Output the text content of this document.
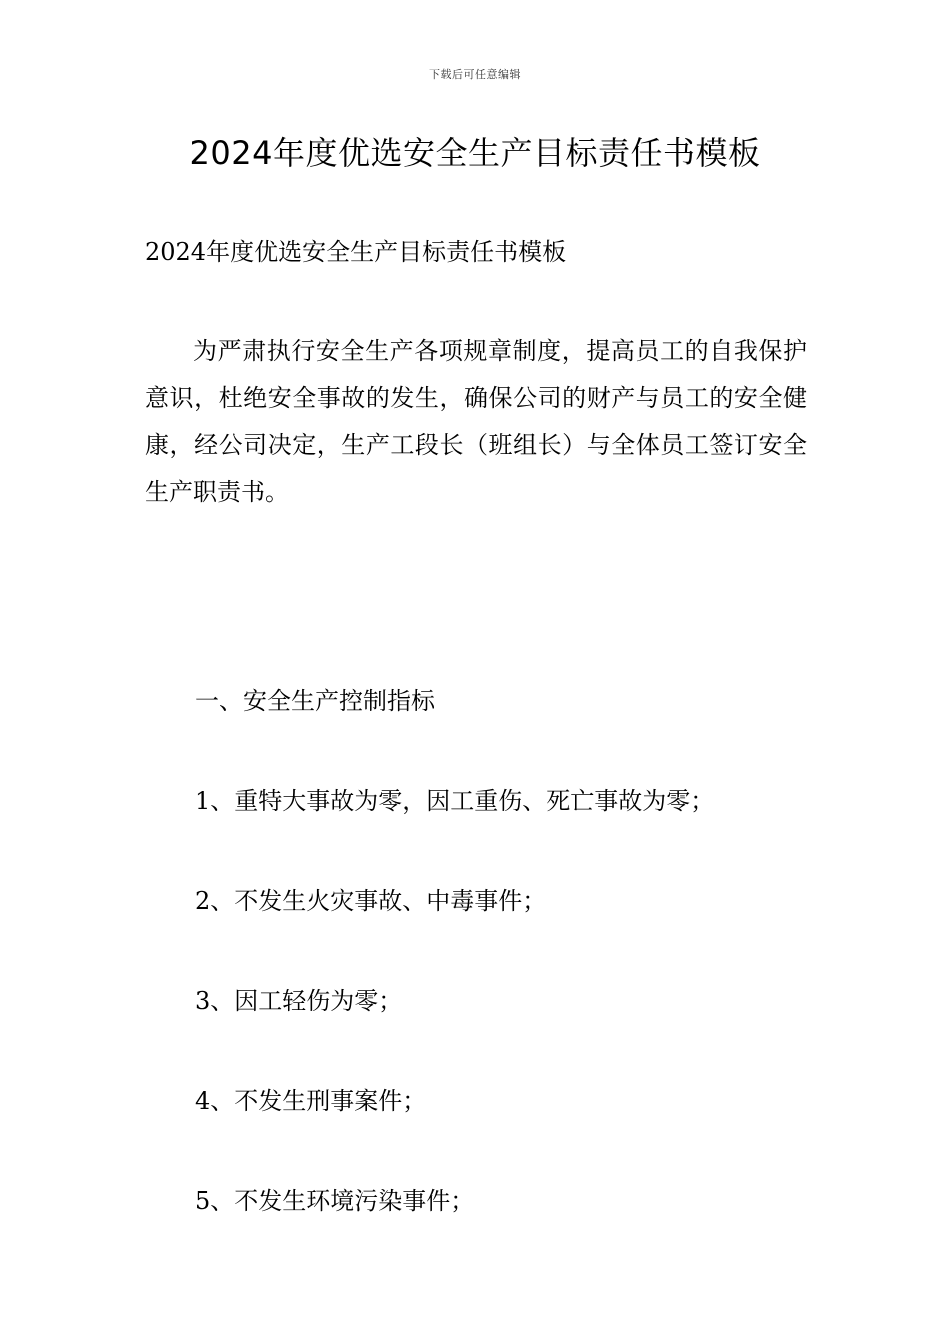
下载后可任意编辑
2024年度优选安全生产目标责任书模板
2024年度优选安全生产目标责任书模板

为严肃执行安全生产各项规章制度，提高员工的自我保护意识，杜绝安全事故的发生，确保公司的财产与员工的安全健康，经公司决定，生产工段长（班组长）与全体员工签订安全生产职责书。

一、安全生产控制指标
1、重特大事故为零，因工重伤、死亡事故为零；
2、不发生火灾事故、中毒事件；
3、因工轻伤为零；
4、不发生刑事案件；
5、不发生环境污染事件；
